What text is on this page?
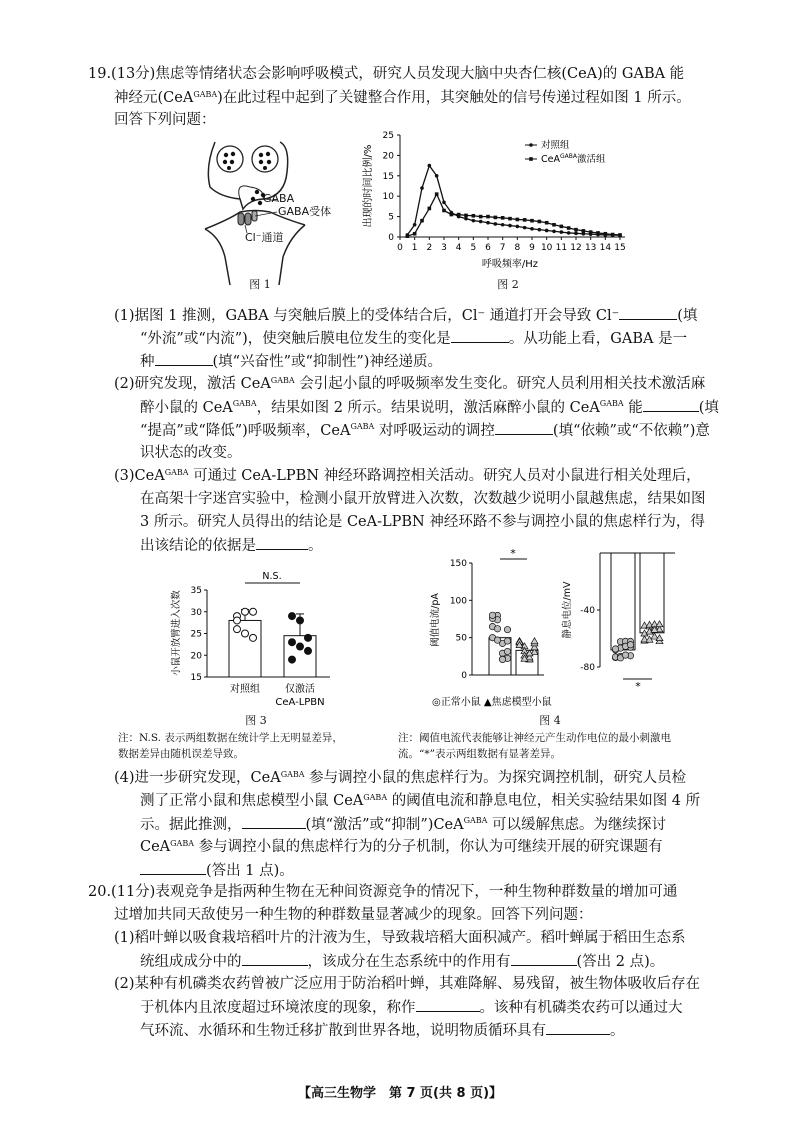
19.(13分)焦虑等情绪状态会影响呼吸模式，研究人员发现大脑中央杏仁核(CeA)的 GABA 能
神经元(CeA$^{GABA}$)在此过程中起到了关键整合作用，其突触处的信号传递过程如图 1 所示。
回答下列问题：
GABA
GABA受体
Cl⁻通道
图 1
0
5
10
15
20
25
0 1 2 3 4 5 6 7 8 9 10 11 12 13 14 15
呼吸频率/Hz
出现的时间比例/%	对照组
CeA$^{GABA}$激活组
图 2
(1)据图 1 推测，GABA 与突触后膜上的受体结合后，Cl⁻ 通道打开会导致 Cl⁻	(填
“外流”或“内流”)，使突触后膜电位发生的变化是	。从功能上看，GABA 是一
种	(填“兴奋性”或“抑制性”)神经递质。
(2)研究发现，激活 CeA$^{GABA}$ 会引起小鼠的呼吸频率发生变化。研究人员利用相关技术激活麻
醉小鼠的 CeA$^{GABA}$，结果如图 2 所示。结果说明，激活麻醉小鼠的 CeA$^{GABA}$ 能	(填
“提高”或“降低”)呼吸频率，CeA$^{GABA}$ 对呼吸运动的调控	(填“依赖”或“不依赖”)意
识状态的改变。
(3)CeA$^{GABA}$ 可通过 CeA-LPBN 神经环路调控相关活动。研究人员对小鼠进行相关处理后，
在高架十字迷宫实验中，检测小鼠开放臂进入次数，次数越少说明小鼠越焦虑，结果如图
3 所示。研究人员得出的结论是 CeA-LPBN 神经环路不参与调控小鼠的焦虑样行为，得
出该结论的依据是	。
15
20
25
30
35
小鼠开放臂进入次数
N.S.
对照组	仅激活
CeA-LPBN
图 3
注：N.S. 表示两组数据在统计学上无明显差异，
数据差异由随机误差导致。
0
50
100
150
阈值电流/pA
*
-40
-80
静息电位/mV
*
◎正常小鼠 ▲焦虑模型小鼠
图 4
注：阈值电流代表能够让神经元产生动作电位的最小刺激电
流。“*”表示两组数据有显著差异。
(4)进一步研究发现，CeA$^{GABA}$ 参与调控小鼠的焦虑样行为。为探究调控机制，研究人员检
测了正常小鼠和焦虑模型小鼠 CeA$^{GABA}$ 的阈值电流和静息电位，相关实验结果如图 4 所
示。据此推测，	(填“激活”或“抑制”)CeA$^{GABA}$ 可以缓解焦虑。为继续探讨
CeA$^{GABA}$ 参与调控小鼠的焦虑样行为的分子机制，你认为可继续开展的研究课题有
(答出 1 点)。
20.(11分)表观竞争是指两种生物在无种间资源竞争的情况下，一种生物种群数量的增加可通
过增加共同天敌使另一种生物的种群数量显著减少的现象。回答下列问题：
(1)稻叶蝉以吸食栽培稻叶片的汁液为生，导致栽培稻大面积减产。稻叶蝉属于稻田生态系
统组成成分中的	，该成分在生态系统中的作用有	(答出 2 点)。
(2)某种有机磷类农药曾被广泛应用于防治稻叶蝉，其难降解、易残留，被生物体吸收后存在
于机体内且浓度超过环境浓度的现象，称作	。该种有机磷类农药可以通过大
气环流、水循环和生物迁移扩散到世界各地，说明物质循环具有	。
【高三生物学　第 7 页(共 8 页)】
